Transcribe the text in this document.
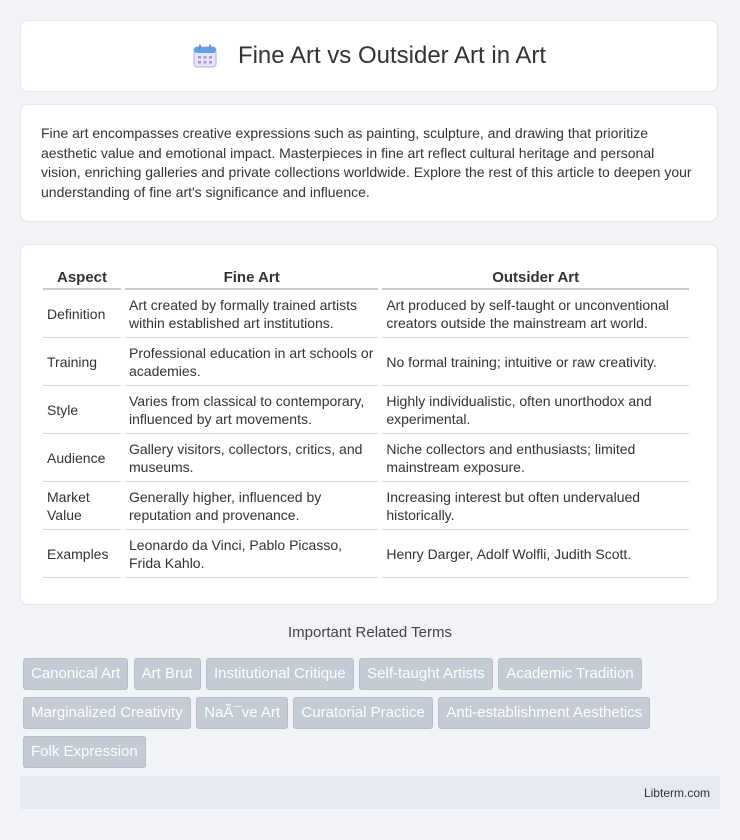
Fine Art vs Outsider Art in Art

Fine art encompasses creative expressions such as painting, sculpture, and drawing that prioritize aesthetic value and emotional impact. Masterpieces in fine art reflect cultural heritage and personal vision, enriching galleries and private collections worldwide. Explore the rest of this article to deepen your understanding of fine art's significance and influence.

Aspect	Fine Art	Outsider Art
Definition	Art created by formally trained artists within established art institutions.	Art produced by self-taught or unconventional creators outside the mainstream art world.
Training	Professional education in art schools or academies.	No formal training; intuitive or raw creativity.
Style	Varies from classical to contemporary, influenced by art movements.	Highly individualistic, often unorthodox and experimental.
Audience	Gallery visitors, collectors, critics, and museums.	Niche collectors and enthusiasts; limited mainstream exposure.
Market Value	Generally higher, influenced by reputation and provenance.	Increasing interest but often undervalued historically.
Examples	Leonardo da Vinci, Pablo Picasso, Frida Kahlo.	Henry Darger, Adolf Wolfli, Judith Scott.
Important Related Terms
Canonical Art Art Brut Institutional Critique Self-taught Artists Academic Tradition Marginalized Creativity NaÃ¯ve Art Curatorial Practice Anti-establishment Aesthetics Folk Expression
Libterm.com
